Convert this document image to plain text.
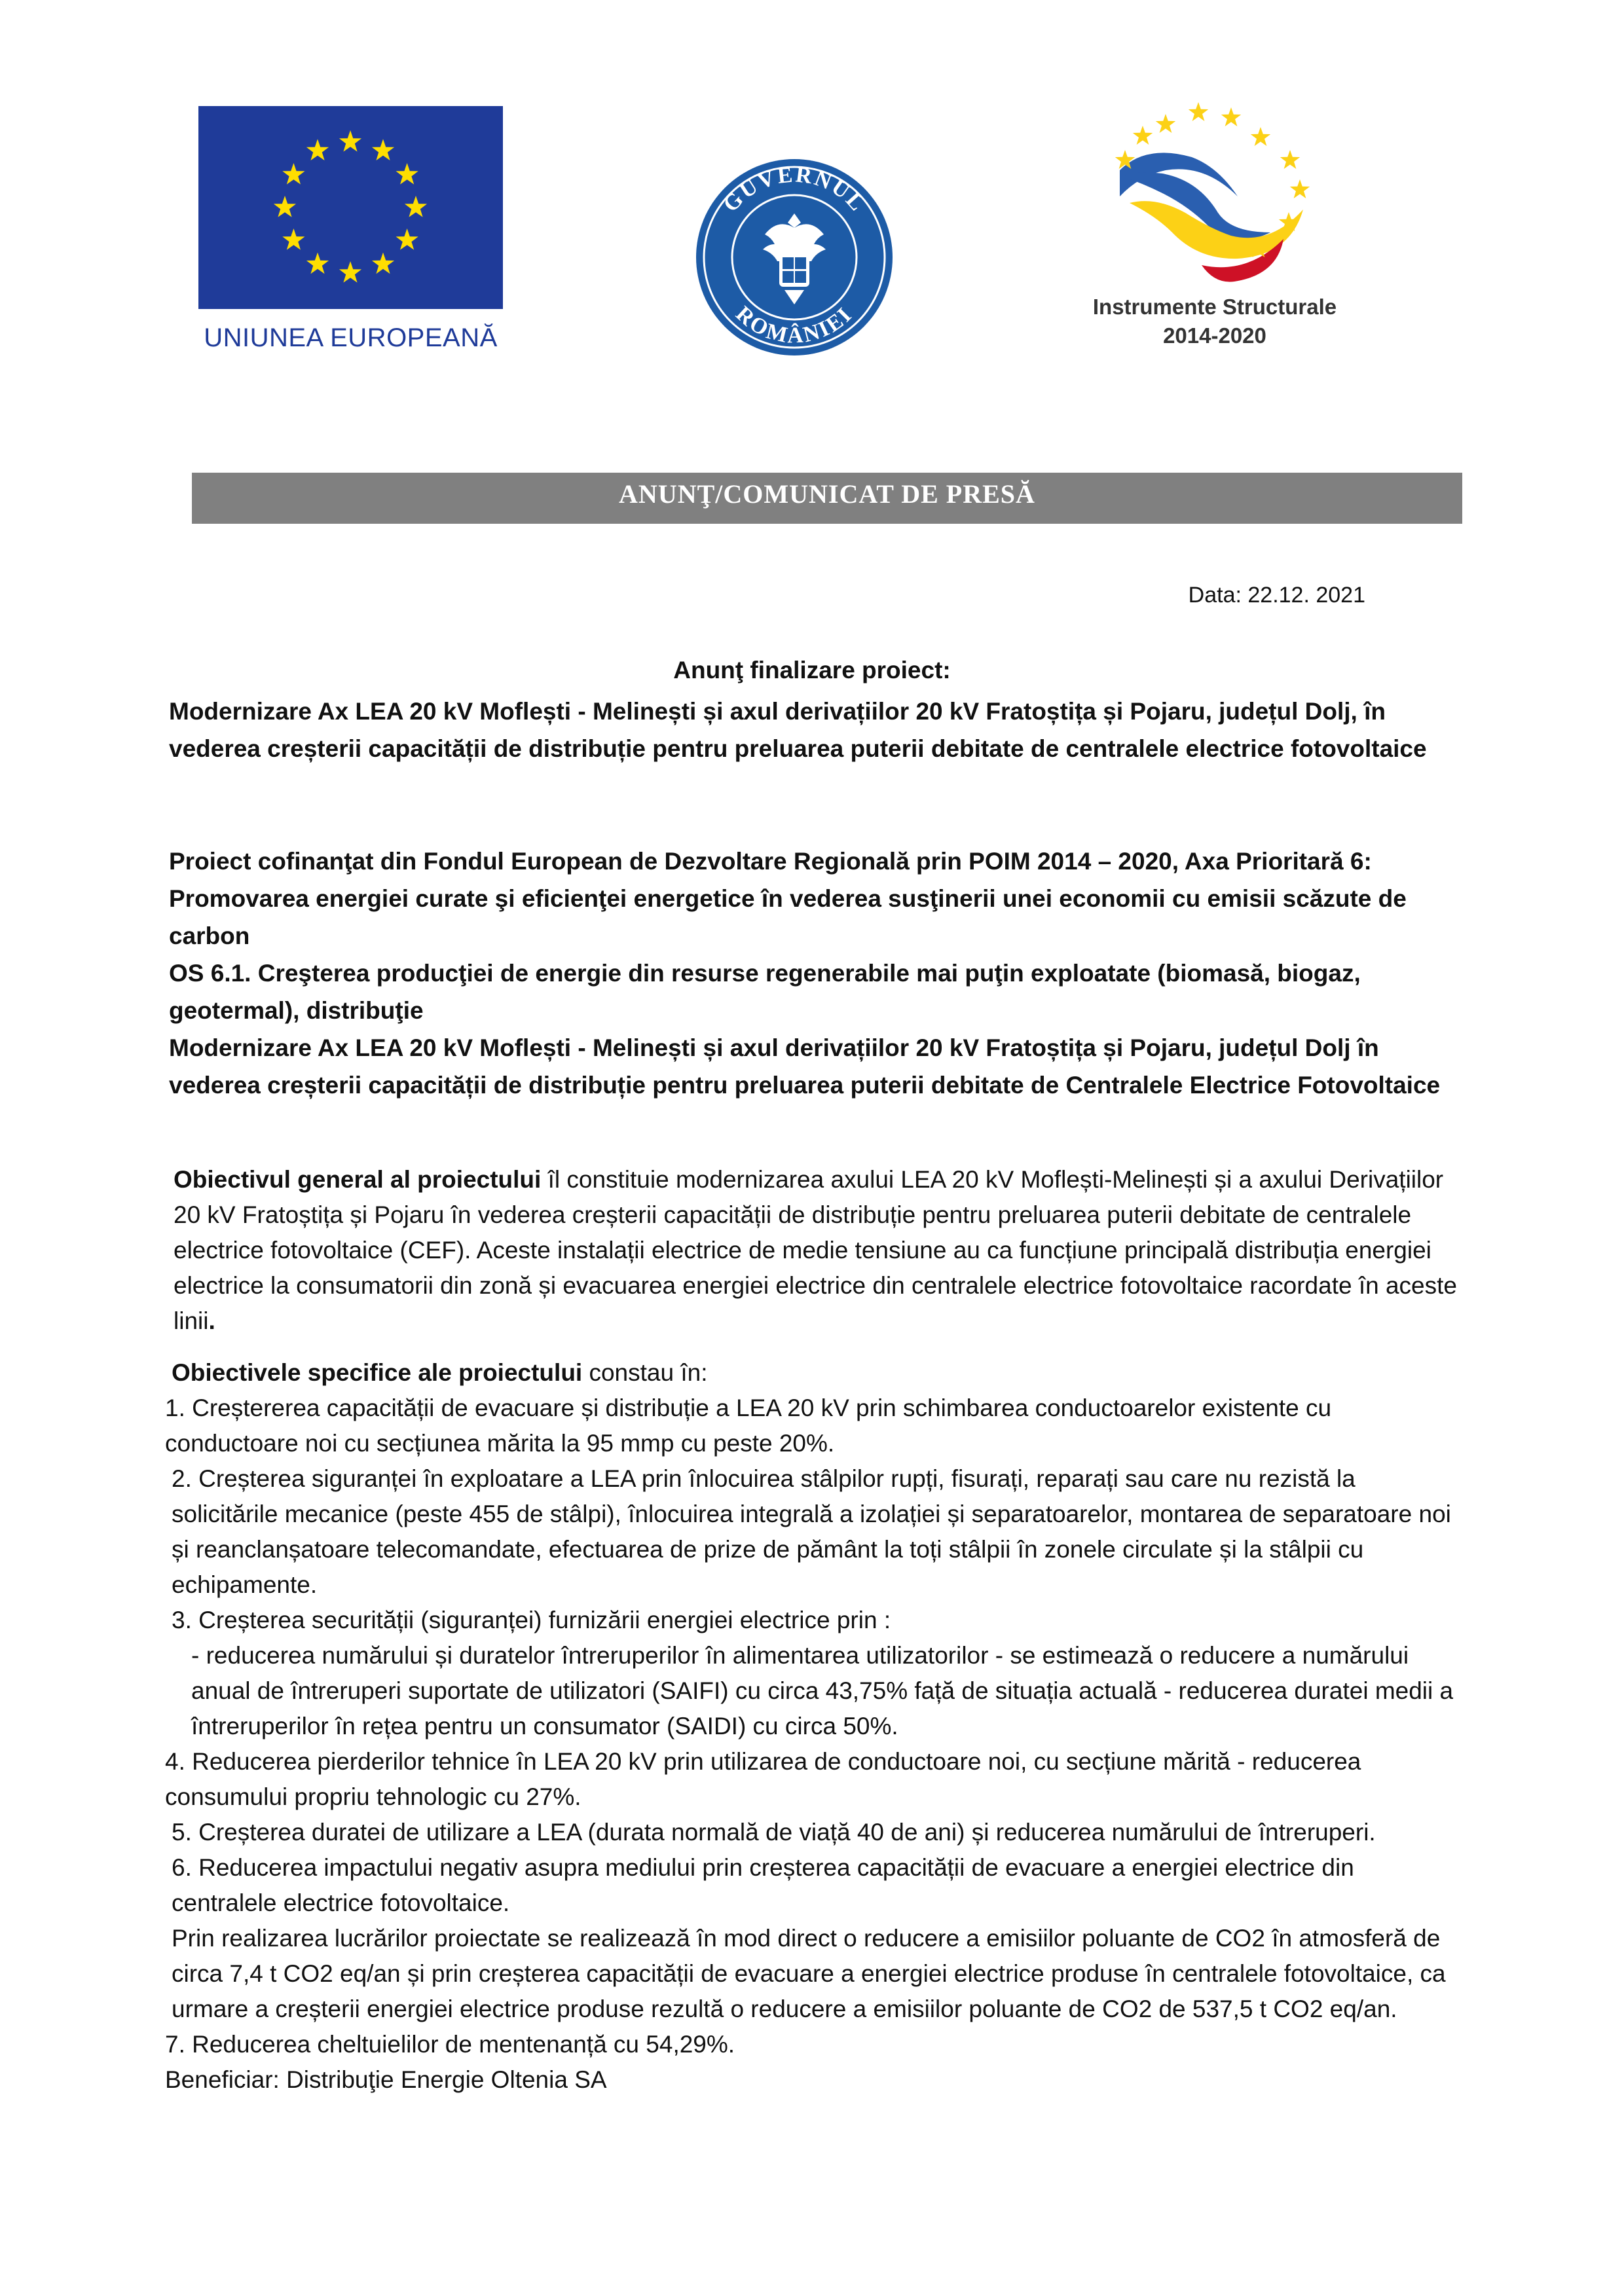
UNIUNEA EUROPEANĂ
GUVERNUL
ROMÂNIEI	Instrumente Structurale
2014-2020
ANUNŢ/COMUNICAT DE PRESĂ
Data: 22.12. 2021
Anunţ finalizare proiect:

Modernizare Ax LEA 20 kV Moflești - Melinești și axul derivațiilor 20 kV Fratoștița și Pojaru, județul Dolj, în vederea creșterii capacității de distribuție pentru preluarea puterii debitate de centralele electrice fotovoltaice

Proiect cofinanţat din Fondul European de Dezvoltare Regională prin POIM 2014 – 2020, Axa Prioritară 6: Promovarea energiei curate şi eficienţei energetice în vederea susţinerii unei economii cu emisii scăzute de carbon

OS 6.1. Creşterea producţiei de energie din resurse regenerabile mai puţin exploatate (biomasă, biogaz, geotermal), distribuţie

Modernizare Ax LEA 20 kV Moflești - Melinești și axul derivațiilor 20 kV Fratoștița și Pojaru, județul Dolj în vederea creșterii capacității de distribuție pentru preluarea puterii debitate de Centralele Electrice Fotovoltaice

Obiectivul general al proiectului îl constituie modernizarea axului LEA 20 kV Moflești-Melinești și a axului Derivațiilor 20 kV Fratoștița și Pojaru în vederea creșterii capacității de distribuție pentru preluarea puterii debitate de centralele electrice fotovoltaice (CEF). Aceste instalații electrice de medie tensiune au ca funcțiune principală distribuția energiei electrice la consumatorii din zonă și evacuarea energiei electrice din centralele electrice fotovoltaice racordate în aceste linii.

Obiectivele specifice ale proiectului constau în:

1. Creștererea capacității de evacuare și distribuție a LEA 20 kV prin schimbarea conductoarelor existente cu conductoare noi cu secțiunea mărita la 95 mmp cu peste 20%.

2. Creșterea siguranței în exploatare a LEA prin înlocuirea stâlpilor rupți, fisurați, reparați sau care nu rezistă la solicitările mecanice (peste 455 de stâlpi), înlocuirea integrală a izolației și separatoarelor, montarea de separatoare noi și reanclanșatoare telecomandate, efectuarea de prize de pământ la toți stâlpii în zonele circulate și la stâlpii cu echipamente.

3. Creșterea securității (siguranței) furnizării energiei electrice prin :

- reducerea numărului și duratelor întreruperilor în alimentarea utilizatorilor - se estimează o reducere a numărului anual de întreruperi suportate de utilizatori (SAIFI) cu circa 43,75% față de situația actuală - reducerea duratei medii a întreruperilor în rețea pentru un consumator (SAIDI) cu circa 50%.

4. Reducerea pierderilor tehnice în LEA 20 kV prin utilizarea de conductoare noi, cu secțiune mărită - reducerea consumului propriu tehnologic cu 27%.

5. Creșterea duratei de utilizare a LEA (durata normală de viață 40 de ani) și reducerea numărului de întreruperi.

6. Reducerea impactului negativ asupra mediului prin creșterea capacității de evacuare a energiei electrice din centralele electrice fotovoltaice.

Prin realizarea lucrărilor proiectate se realizează în mod direct o reducere a emisiilor poluante de CO2 în atmosferă de circa 7,4 t CO2 eq/an și prin creșterea capacității de evacuare a energiei electrice produse în centralele fotovoltaice, ca urmare a creșterii energiei electrice produse rezultă o reducere a emisiilor poluante de CO2 de 537,5 t CO2 eq/an.

7. Reducerea cheltuielilor de mentenanță cu 54,29%.

Beneficiar: Distribuţie Energie Oltenia SA
